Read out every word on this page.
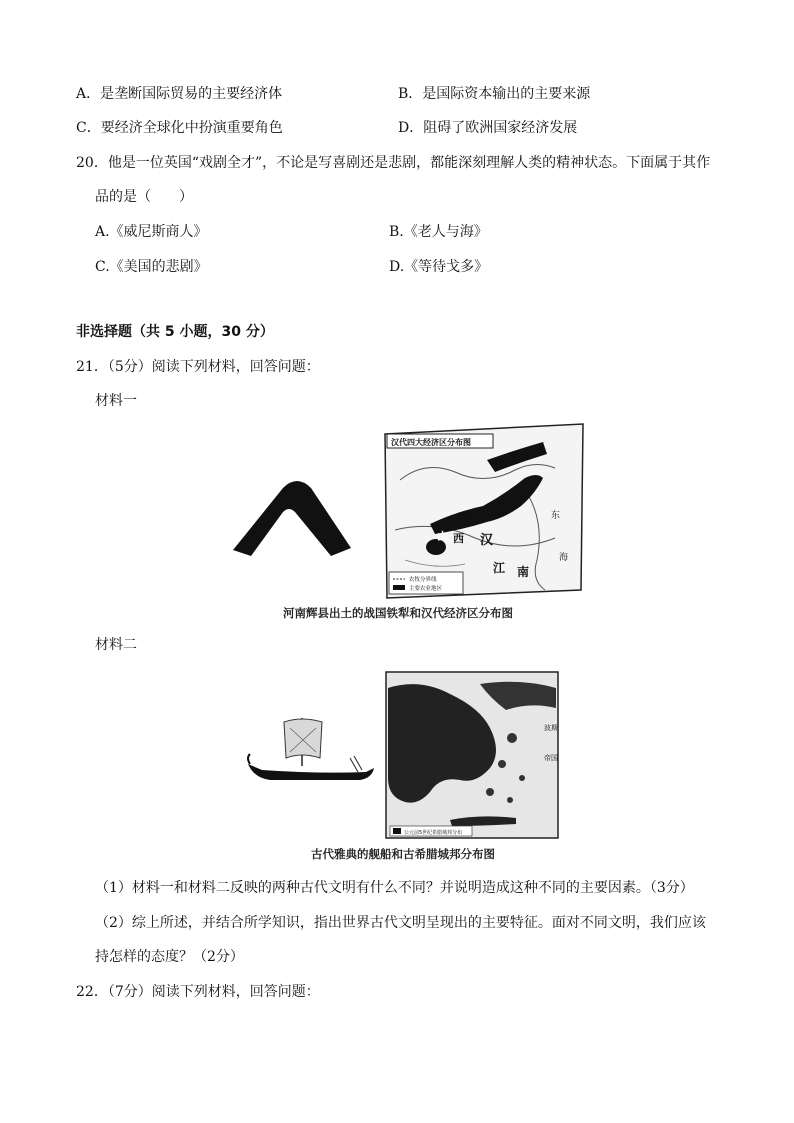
A．是垄断国际贸易的主要经济体	B．是国际资本输出的主要来源
C．要经济全球化中扮演重要角色	D．阻碍了欧洲国家经济发展
20．他是一位英国“戏剧全才”，不论是写喜剧还是悲剧，都能深刻理解人类的精神状态。下面属于其作
品的是（　　）
A.《威尼斯商人》	B.《老人与海》
C.《美国的悲剧》	D.《等待戈多》
非选择题（共 5 小题，30 分）
21．（5分）阅读下列材料，回答问题：
材料一
汉代四大经济区分布图
山 西 汉
江 南
东
海
长安
农牧分界线
主要农业地区
河南辉县出土的战国铁犁和汉代经济区分布图
材料二
波斯
帝国
公元前5世纪希腊城邦分布
古代雅典的舰船和古希腊城邦分布图
（1）材料一和材料二反映的两种古代文明有什么不同？并说明造成这种不同的主要因素。（3分）
（2）综上所述，并结合所学知识，指出世界古代文明呈现出的主要特征。面对不同文明，我们应该
持怎样的态度？（2分）
22．（7分）阅读下列材料，回答问题：
